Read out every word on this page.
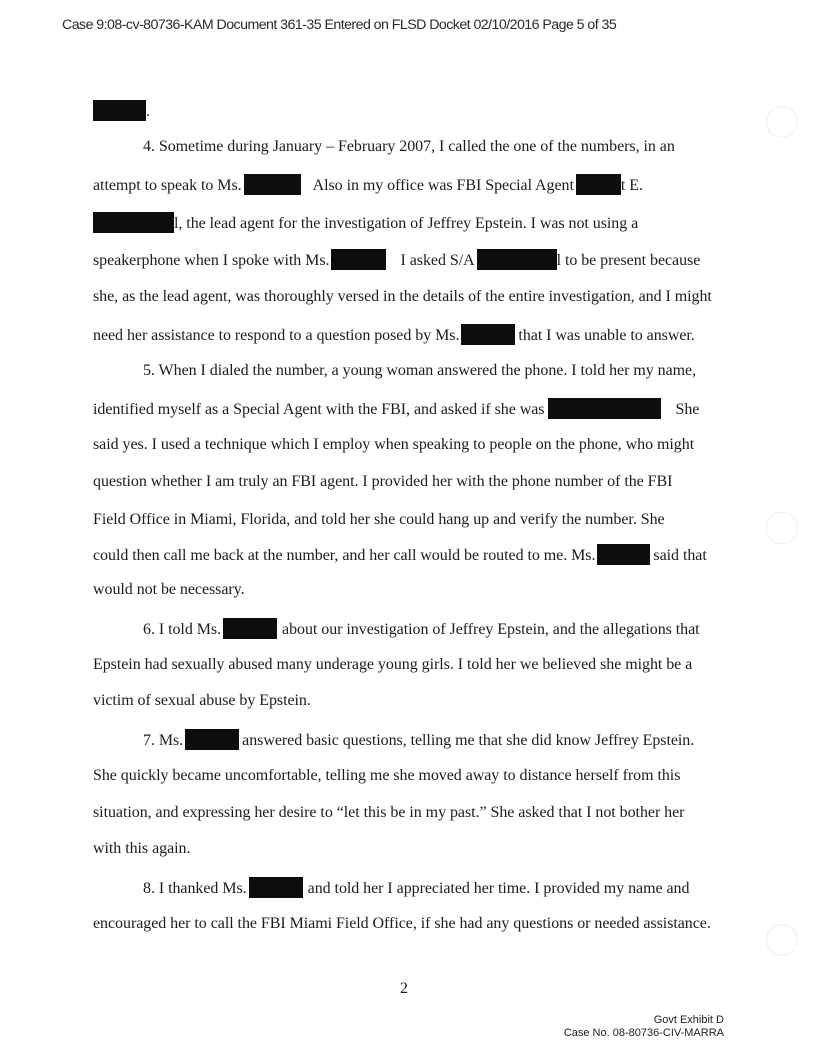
Case 9:08-cv-80736-KAM Document 361-35 Entered on FLSD Docket 02/10/2016 Page 5 of 35
.
4. Sometime during January – February 2007, I called the one of the numbers, in an
attempt to speak to Ms.	Also in my office was FBI Special Agent	t E.
l, the lead agent for the investigation of Jeffrey Epstein. I was not using a
speakerphone when I spoke with Ms.	I asked S/A	l to be present because
she, as the lead agent, was thoroughly versed in the details of the entire investigation, and I might
need her assistance to respond to a question posed by Ms.	that I was unable to answer.
5. When I dialed the number, a young woman answered the phone. I told her my name,
identified myself as a Special Agent with the FBI, and asked if she was	She
said yes. I used a technique which I employ when speaking to people on the phone, who might
question whether I am truly an FBI agent. I provided her with the phone number of the FBI
Field Office in Miami, Florida, and told her she could hang up and verify the number. She
could then call me back at the number, and her call would be routed to me. Ms.	said that
would not be necessary.
6. I told Ms.	about our investigation of Jeffrey Epstein, and the allegations that
Epstein had sexually abused many underage young girls. I told her we believed she might be a
victim of sexual abuse by Epstein.
7. Ms.	answered basic questions, telling me that she did know Jeffrey Epstein.
She quickly became uncomfortable, telling me she moved away to distance herself from this
situation, and expressing her desire to “let this be in my past.” She asked that I not bother her
with this again.
8. I thanked Ms.	and told her I appreciated her time. I provided my name and
encouraged her to call the FBI Miami Field Office, if she had any questions or needed assistance.
2
Govt Exhibit D
Case No. 08-80736-CIV-MARRA
